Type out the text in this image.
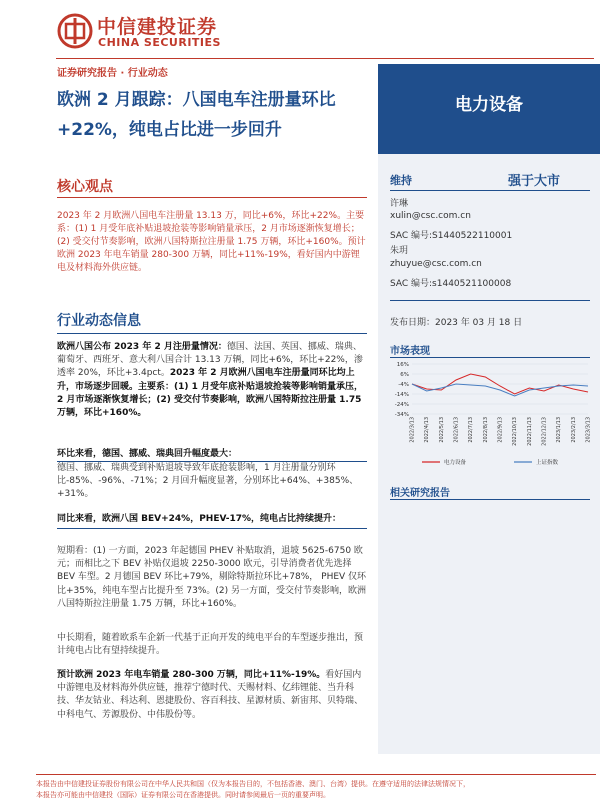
中信建投证券
CHINA SECURITIES
证券研究报告 · 行业动态
欧洲 2 月跟踪：八国电车注册量环比
+22%，纯电占比进一步回升
电力设备
维持	强于大市
许琳
xulin@csc.com.cn
SAC 编号:S1440522110001
朱玥
zhuyue@csc.com.cn
SAC 编号:s1440521100008
发布日期：2023 年 03 月 18 日
市场表现
16%
6%
-4%
-14%
-24%
-34%
2022/3/13 2022/4/13 2022/5/13 2022/6/13 2022/7/13 2022/8/13 2022/9/13 2022/10/13 2022/11/13 2022/12/13 2023/1/13 2023/2/13 2023/3/13
电力设备	上证指数
相关研究报告
核心观点
2023 年 2 月欧洲八国电车注册量 13.13 万，同比+6%，环比+22%。主要系：(1) 1 月受年底补贴退坡抢装等影响销量承压，2 月市场逐渐恢复增长；(2) 受交付节奏影响，欧洲八国特斯拉注册量 1.75 万辆，环比+160%。预计欧洲 2023 年电车销量 280-300 万辆，同比+11%-19%，看好国内中游锂电及材料海外供应链。
行业动态信息
欧洲八国公布 2023 年 2 月注册量情况：德国、法国、英国、挪威、瑞典、葡萄牙、西班牙、意大利八国合计 13.13 万辆，同比+6%，环比+22%，渗透率 20%，环比+3.4pct。2023 年 2 月欧洲八国电车注册量同环比均上升，市场逐步回暖。主要系：(1) 1 月受年底补贴退坡抢装等影响销量承压，2 月市场逐渐恢复增长；(2) 受交付节奏影响，欧洲八国特斯拉注册量 1.75 万辆，环比+160%。
环比来看，德国、挪威、瑞典回升幅度最大：
德国、挪威、瑞典受到补贴退坡导致年底抢装影响，1 月注册量分别环比-85%、-96%、-71%；2 月回升幅度显著，分别环比+64%、+385%、+31%。
同比来看，欧洲八国 BEV+24%，PHEV-17%，纯电占比持续提升：
短期看：(1) 一方面，2023 年起德国 PHEV 补贴取消，退坡 5625-6750 欧元；而相比之下 BEV 补贴仅退坡 2250-3000 欧元，引导消费者优先选择 BEV 车型。2 月德国 BEV 环比+79%，剔除特斯拉环比+78%， PHEV 仅环比+35%，纯电车型占比提升至 73%。(2) 另一方面，受交付节奏影响，欧洲八国特斯拉注册量 1.75 万辆，环比+160%。
中长期看，随着欧系车企新一代基于正向开发的纯电平台的车型逐步推出，预计纯电占比有望持续提升。
预计欧洲 2023 年电车销量 280-300 万辆，同比+11%-19%。看好国内中游锂电及材料海外供应链，推荐宁德时代、天赐材料、亿纬锂能、当升科技、华友钴业、科达利、恩捷股份、容百科技、星源材质、新宙邦、贝特瑞、中科电气、芳源股份、中伟股份等。
本报告由中信建投证券股份有限公司在中华人民共和国（仅为本报告目的，不包括香港、澳门、台湾）提供。在遵守适用的法律法规情况下，
本报告亦可能由中信建投（国际）证券有限公司在香港提供。同时请参阅最后一页的重要声明。
